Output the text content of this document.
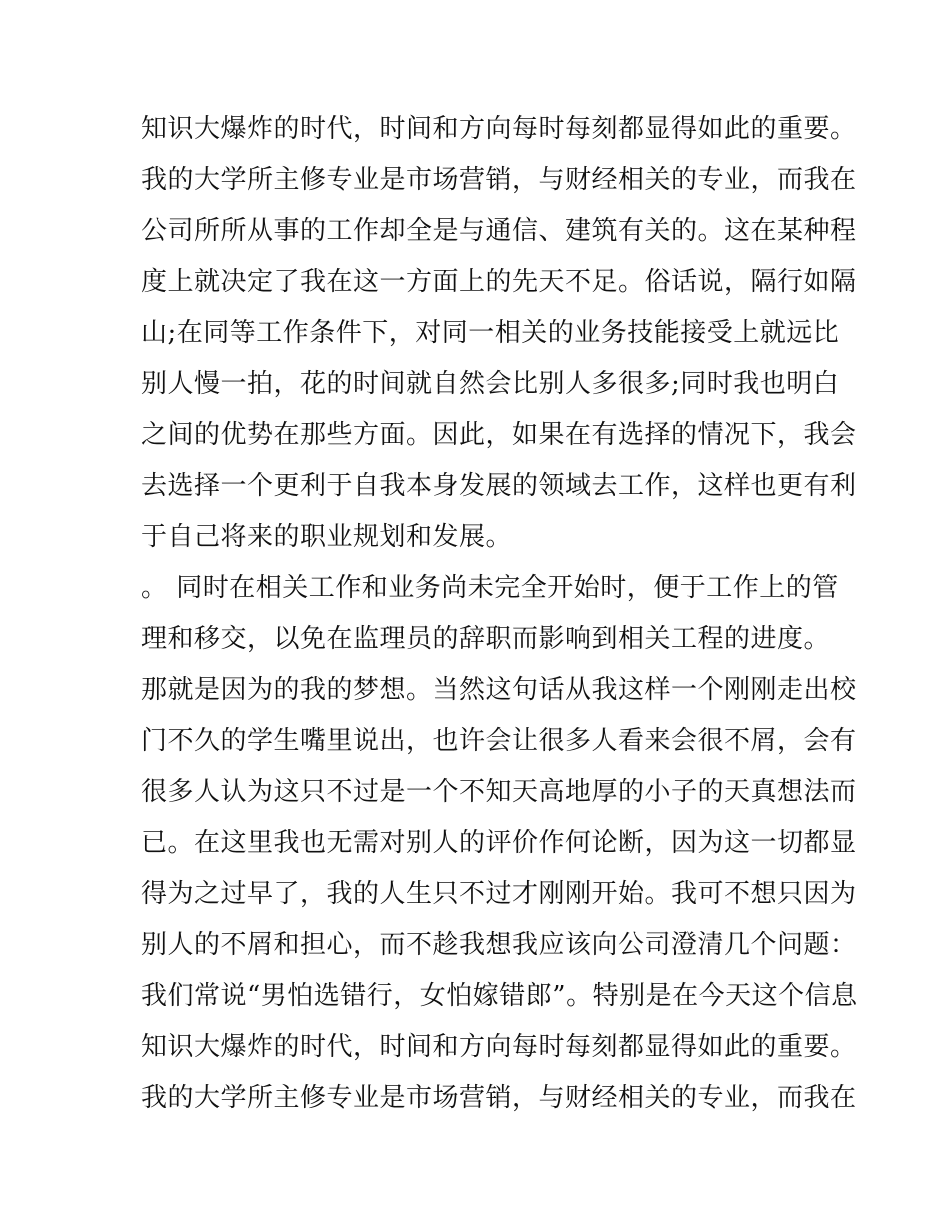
知识大爆炸的时代，时间和方向每时每刻都显得如此的重要。
我的大学所主修专业是市场营销，与财经相关的专业，而我在
公司所所从事的工作却全是与通信、建筑有关的。这在某种程
度上就决定了我在这一方面上的先天不足。俗话说，隔行如隔
山;在同等工作条件下，对同一相关的业务技能接受上就远比
别人慢一拍，花的时间就自然会比别人多很多;同时我也明白
之间的优势在那些方面。因此，如果在有选择的情况下，我会
去选择一个更利于自我本身发展的领域去工作，这样也更有利
于自己将来的职业规划和发展。
。 同时在相关工作和业务尚未完全开始时，便于工作上的管
理和移交，以免在监理员的辞职而影响到相关工程的进度。
那就是因为的我的梦想。当然这句话从我这样一个刚刚走出校
门不久的学生嘴里说出，也许会让很多人看来会很不屑，会有
很多人认为这只不过是一个不知天高地厚的小子的天真想法而
已。在这里我也无需对别人的评价作何论断，因为这一切都显
得为之过早了，我的人生只不过才刚刚开始。我可不想只因为
别人的不屑和担心，而不趁我想我应该向公司澄清几个问题：
我们常说“男怕选错行，女怕嫁错郎”。特别是在今天这个信息
知识大爆炸的时代，时间和方向每时每刻都显得如此的重要。
我的大学所主修专业是市场营销，与财经相关的专业，而我在
